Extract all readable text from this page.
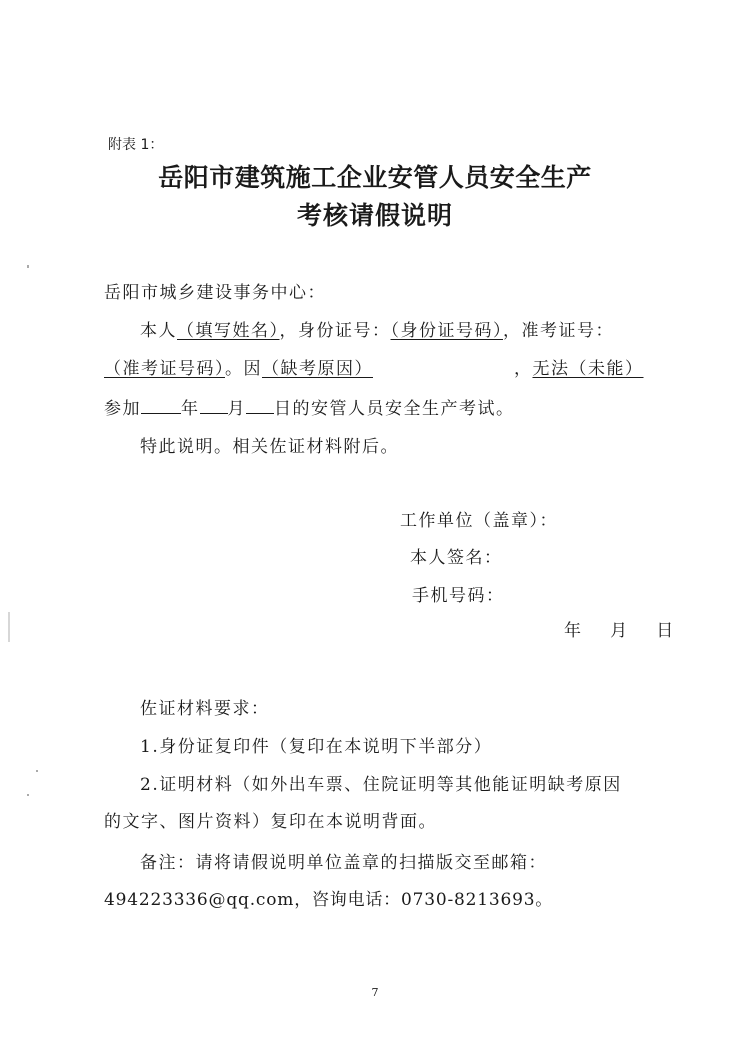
附表 1：
岳阳市建筑施工企业安管人员安全生产
考核请假说明
岳阳市城乡建设事务中心：
本人（填写姓名），身份证号：（身份证号码），准考证号：
（准考证号码）。因（缺考原因）	，无法（未能）
参加 年 月 日的安管人员安全生产考试。
特此说明。相关佐证材料附后。
工作单位（盖章）：
本人签名：
手机号码：
年    月    日
佐证材料要求：
1.身份证复印件（复印在本说明下半部分）
2.证明材料（如外出车票、住院证明等其他能证明缺考原因
的文字、图片资料）复印在本说明背面。
备注：请将请假说明单位盖章的扫描版交至邮箱：
494223336@qq.com，咨询电话：0730-8213693。
7
